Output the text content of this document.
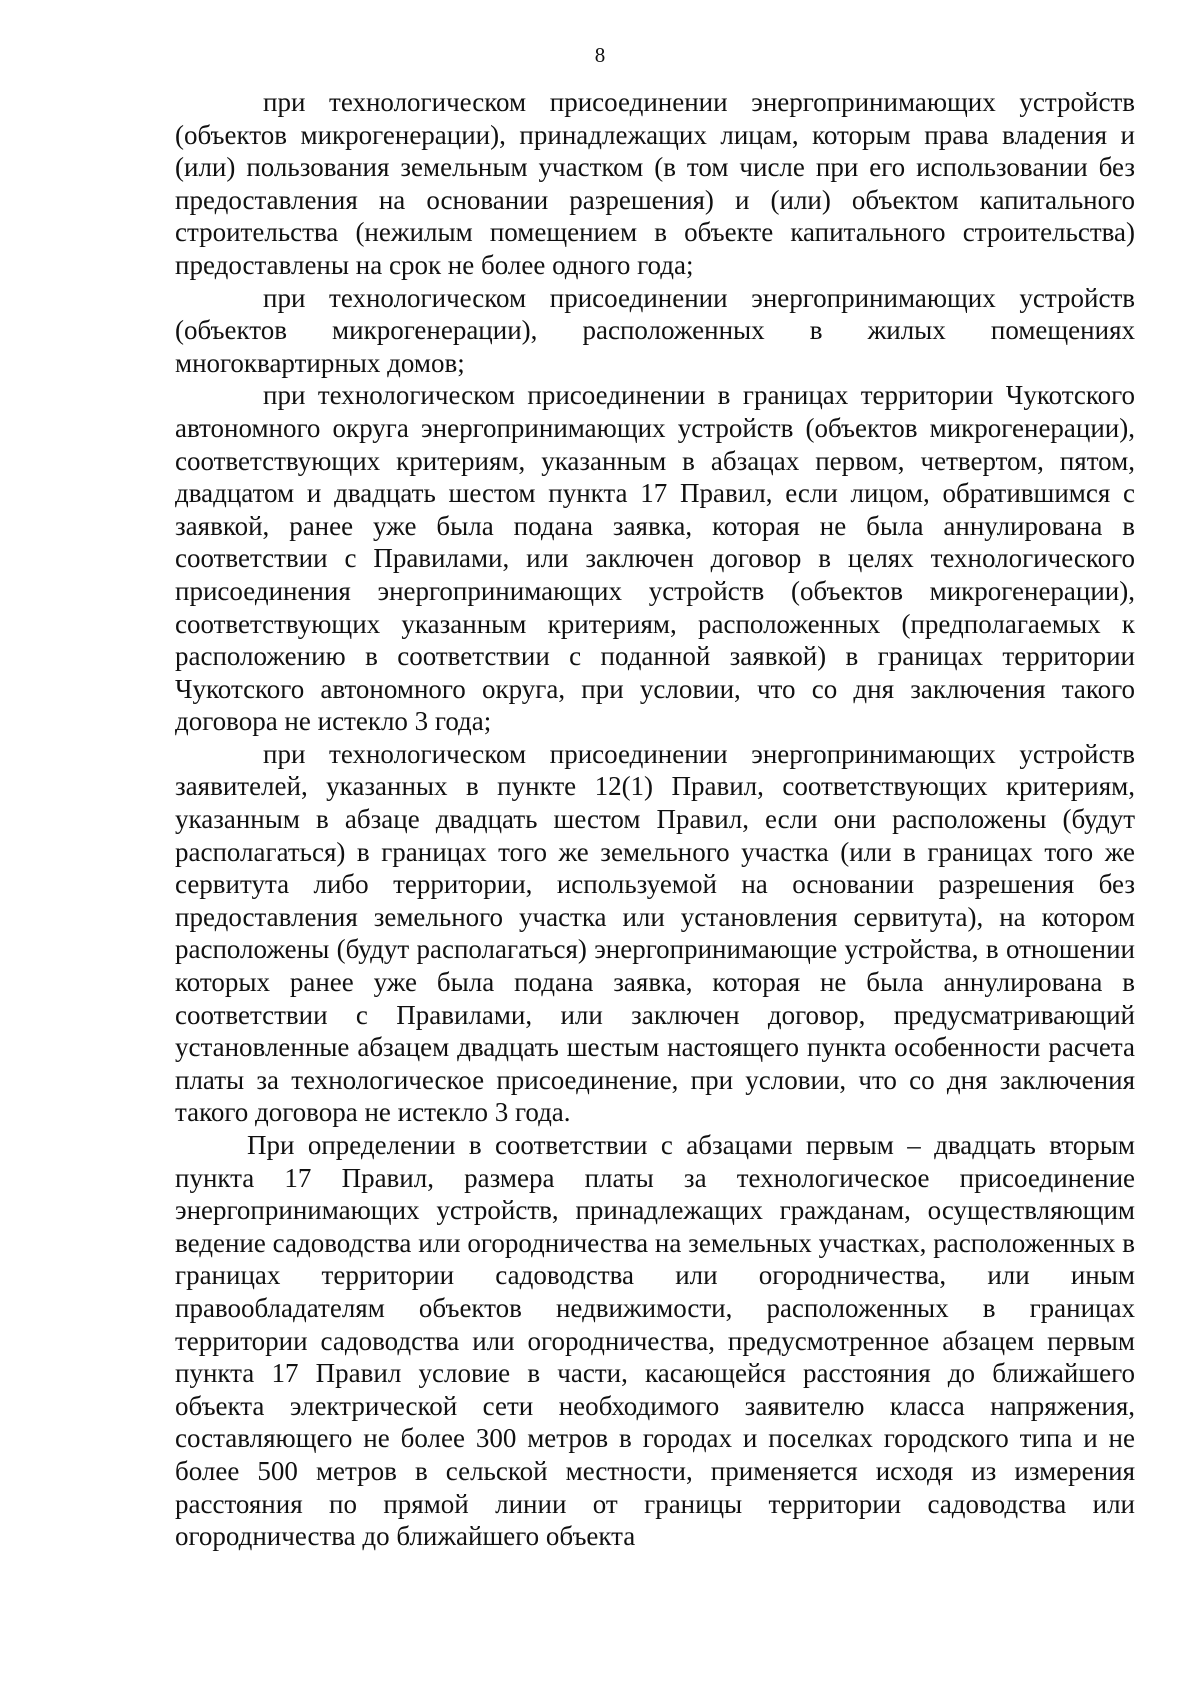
8

при технологическом присоединении энергопринимающих устройств (объектов микрогенерации), принадлежащих лицам, которым права владения и (или) пользования земельным участком (в том числе при его использовании без предоставления на основании разрешения) и (или) объектом капитального строительства (нежилым помещением в объекте капитального строительства) предоставлены на срок не более одного года;

при технологическом присоединении энергопринимающих устройств (объектов микрогенерации), расположенных в жилых помещениях многоквартирных домов;

при технологическом присоединении в границах территории Чукотского автономного округа энергопринимающих устройств (объектов микрогенерации), соответствующих критериям, указанным в абзацах первом, четвертом, пятом, двадцатом и двадцать шестом пункта 17 Правил, если лицом, обратившимся с заявкой, ранее уже была подана заявка, которая не была аннулирована в соответствии с Правилами, или заключен договор в целях технологического присоединения энергопринимающих устройств (объектов микрогенерации), соответствующих указанным критериям, расположенных (предполагаемых к расположению в соответствии с поданной заявкой) в границах территории Чукотского автономного округа, при условии, что со дня заключения такого договора не истекло 3 года;

при технологическом присоединении энергопринимающих устройств заявителей, указанных в пункте 12(1) Правил, соответствующих критериям, указанным в абзаце двадцать шестом Правил, если они расположены (будут располагаться) в границах того же земельного участка (или в границах того же сервитута либо территории, используемой на основании разрешения без предоставления земельного участка или установления сервитута), на котором расположены (будут располагаться) энергопринимающие устройства, в отношении которых ранее уже была подана заявка, которая не была аннулирована в соответствии с Правилами, или заключен договор, предусматривающий установленные абзацем двадцать шестым настоящего пункта особенности расчета платы за технологическое присоединение, при условии, что со дня заключения такого договора не истекло 3 года.

При определении в соответствии с абзацами первым – двадцать вторым пункта 17 Правил, размера платы за технологическое присоединение энергопринимающих устройств, принадлежащих гражданам, осуществляющим ведение садоводства или огородничества на земельных участках, расположенных в границах территории садоводства или огородничества, или иным правообладателям объектов недвижимости, расположенных в границах территории садоводства или огородничества, предусмотренное абзацем первым пункта 17 Правил условие в части, касающейся расстояния до ближайшего объекта электрической сети необходимого заявителю класса напряжения, составляющего не более 300 метров в городах и поселках городского типа и не более 500 метров в сельской местности, применяется исходя из измерения расстояния по прямой линии от границы территории садоводства или огородничества до ближайшего объекта
